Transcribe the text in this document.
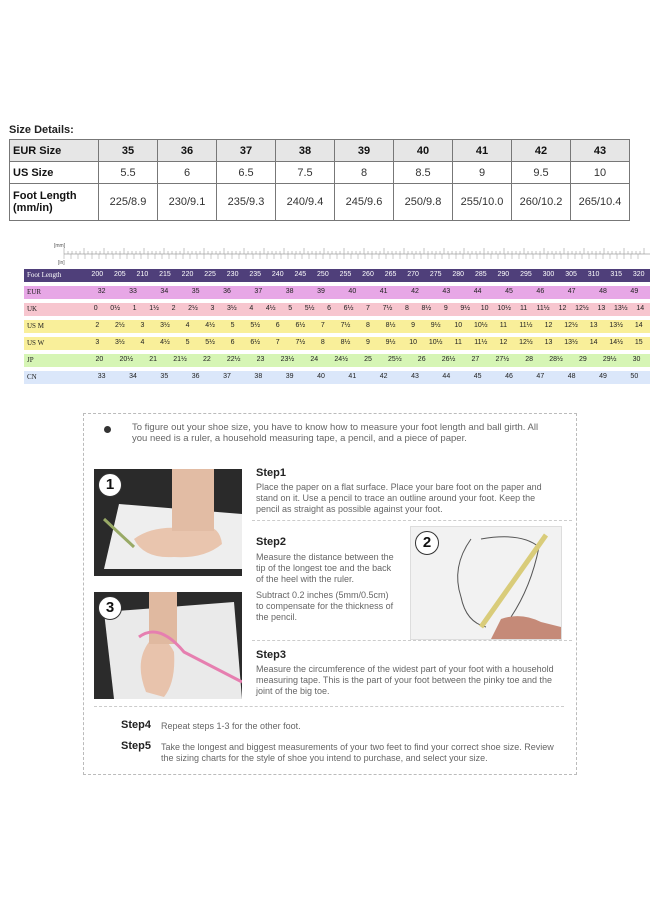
Size Details:
EUR Size	35	36	37	38	39	40	41	42	43
US Size	5.5	6	6.5	7.5	8	8.5	9	9.5	10
Foot Length (mm/in)	225/8.9	230/9.1	235/9.3	240/9.4	245/9.6	250/9.8	255/10.0	260/10.2	265/10.4
[mm]
[in]
Foot Length	200	205	210	215	220	225	230	235	240	245	250	255	260	265	270	275	280	285	290	295	300	305	310	315	320
EUR	32	33	34	35	36	37	38	39	40	41	42	43	44	45	46	47	48	49
UK	0	0½	1	1½	2	2½	3	3½	4	4½	5	5½	6	6½	7	7½	8	8½	9	9½	10	10½	11	11½	12	12½	13	13½	14
US M	2	2½	3	3½	4	4½	5	5½	6	6½	7	7½	8	8½	9	9½	10	10½	11	11½	12	12½	13	13½	14
US W	3	3½	4	4½	5	5½	6	6½	7	7½	8	8½	9	9½	10	10½	11	11½	12	12½	13	13½	14	14½	15
JP	20	20½	21	21½	22	22½	23	23½	24	24½	25	25½	26	26½	27	27½	28	28½	29	29½	30
CN	33	34	35	36	37	38	39	40	41	42	43	44	45	46	47	48	49	50
To figure out your shoe size, you have to know how to measure your foot length and ball girth. All you need is a ruler, a household measuring tape, a pencil, and a piece of paper.
1
Step1
Place the paper on a flat surface. Place your bare foot on the paper and stand on it. Use a pencil to trace an outline around your foot. Keep the pencil as straight as possible against your foot.
Step2
Measure the distance between the tip of the longest toe and the back of the heel with the ruler.
Subtract 0.2 inches (5mm/0.5cm) to compensate for the thickness of the pencil.
2
3
Step3
Measure the circumference of the widest part of your foot with a household measuring tape. This is the part of your foot between the pinky toe and the joint of the big toe.
Step4 Repeat steps 1-3 for the other foot.
Step5 Take the longest and biggest measurements of your two feet to find your correct shoe size. Review the sizing charts for the style of shoe you intend to purchase, and select your size.
